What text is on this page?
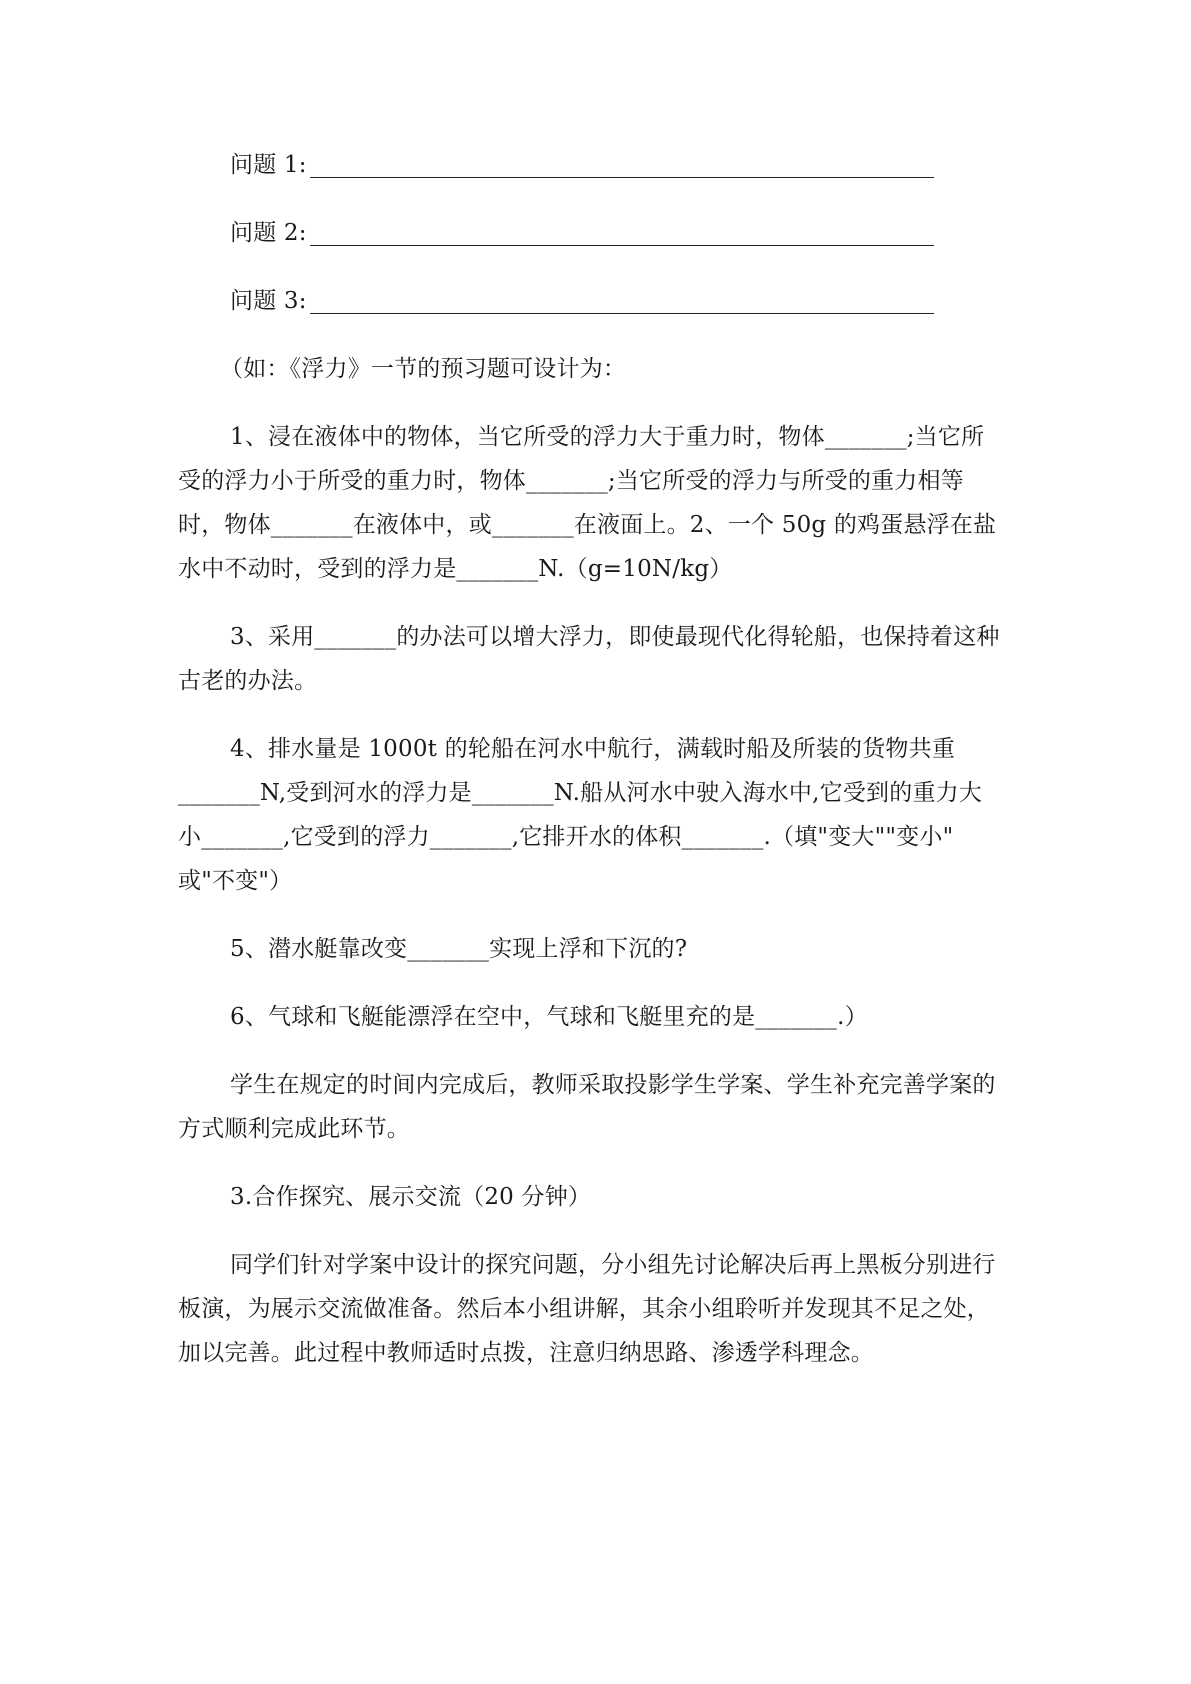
问题 1:
问题 2:
问题 3:
（如：《浮力》一节的预习题可设计为：
1、浸在液体中的物体，当它所受的浮力大于重力时，物体_______;当它所
受的浮力小于所受的重力时，物体_______;当它所受的浮力与所受的重力相等
时，物体_______在液体中，或_______在液面上。2、一个 50g 的鸡蛋悬浮在盐
水中不动时，受到的浮力是_______N.（g=10N/kg）
3、采用_______的办法可以增大浮力，即使最现代化得轮船，也保持着这种
古老的办法。
4、排水量是 1000t 的轮船在河水中航行，满载时船及所装的货物共重
_______N,受到河水的浮力是_______N.船从河水中驶入海水中,它受到的重力大
小_______,它受到的浮力_______,它排开水的体积_______.（填"变大""变小"
或"不变"）
5、潜水艇靠改变_______实现上浮和下沉的?
6、气球和飞艇能漂浮在空中，气球和飞艇里充的是_______.）
学生在规定的时间内完成后，教师采取投影学生学案、学生补充完善学案的
方式顺利完成此环节。
3.合作探究、展示交流（20 分钟）
同学们针对学案中设计的探究问题，分小组先讨论解决后再上黑板分别进行
板演，为展示交流做准备。然后本小组讲解，其余小组聆听并发现其不足之处，
加以完善。此过程中教师适时点拨，注意归纳思路、渗透学科理念。
